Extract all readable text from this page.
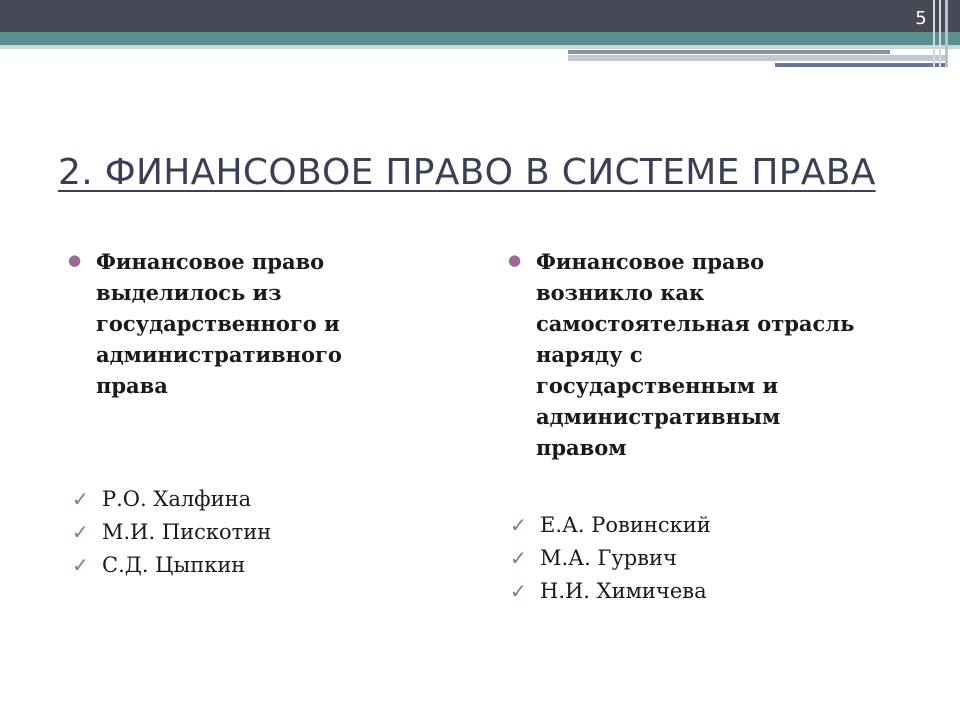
5
2. ФИНАНСОВОЕ ПРАВО В СИСТЕМЕ ПРАВА
● Финансовое право
выделилось из
государственного и
административного
права
● Финансовое право
возникло как
самостоятельная отрасль
наряду с
государственным и
административным
правом
✓ Р.О. Халфина
✓ М.И. Пискотин
✓ С.Д. Цыпкин
✓ Е.А. Ровинский
✓ М.А. Гурвич
✓ Н.И. Химичева
